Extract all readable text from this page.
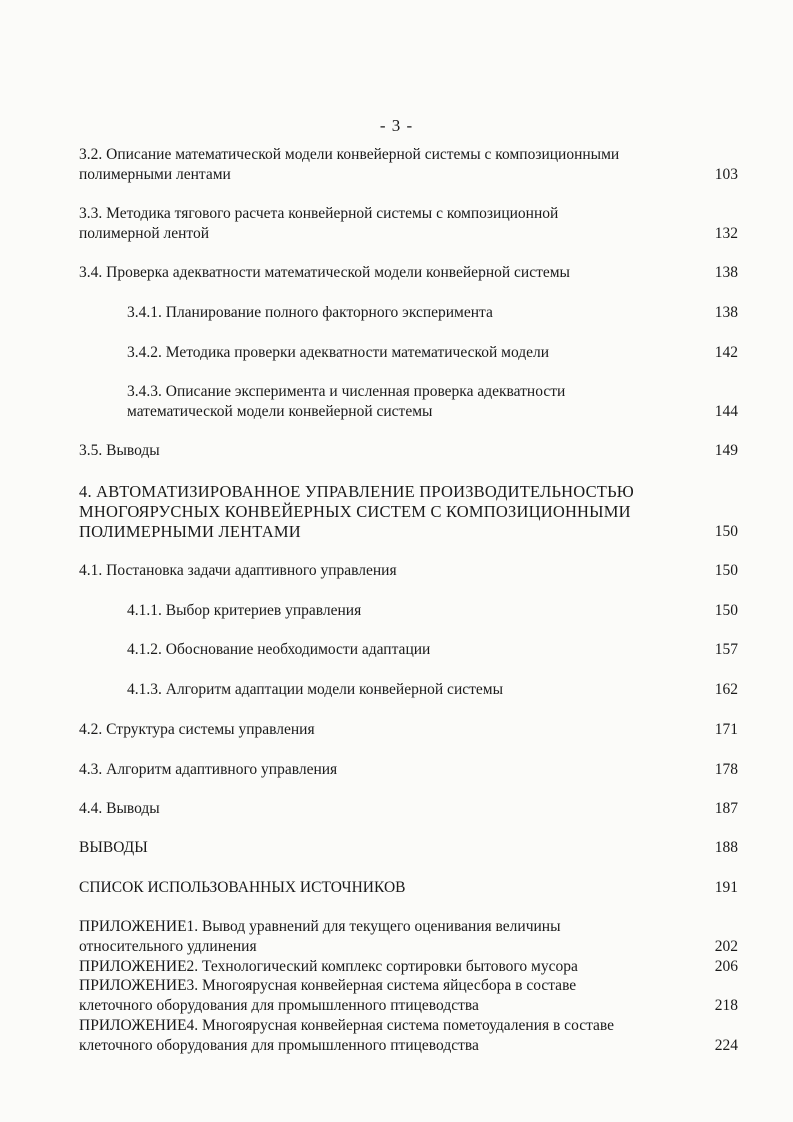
- 3 -
3.2. Описание математической модели конвейерной системы с композиционными полимерными лентами	103
3.3. Методика тягового расчета конвейерной системы с композиционной полимерной лентой	132
3.4. Проверка адекватности математической модели конвейерной системы	138
3.4.1. Планирование полного факторного эксперимента	138
3.4.2. Методика проверки адекватности математической модели	142
3.4.3. Описание эксперимента и численная проверка адекватности математической модели конвейерной системы	144
3.5. Выводы	149
4. АВТОМАТИЗИРОВАННОЕ УПРАВЛЕНИЕ ПРОИЗВОДИТЕЛЬНОСТЬЮ МНОГОЯРУСНЫХ КОНВЕЙЕРНЫХ СИСТЕМ С КОМПОЗИЦИОННЫМИ ПОЛИМЕРНЫМИ ЛЕНТАМИ	150
4.1. Постановка задачи адаптивного управления	150
4.1.1. Выбор критериев управления	150
4.1.2. Обоснование необходимости адаптации	157
4.1.3. Алгоритм адаптации модели конвейерной системы	162
4.2. Структура системы управления	171
4.3. Алгоритм адаптивного управления	178
4.4. Выводы	187
ВЫВОДЫ	188
СПИСОК ИСПОЛЬЗОВАННЫХ ИСТОЧНИКОВ	191
ПРИЛОЖЕНИЕ1. Вывод уравнений для текущего оценивания величины относительного удлинения	202
ПРИЛОЖЕНИЕ2. Технологический комплекс сортировки бытового мусора	206
ПРИЛОЖЕНИЕ3. Многоярусная конвейерная система яйцесбора в составе клеточного оборудования для промышленного птицеводства	218
ПРИЛОЖЕНИЕ4. Многоярусная конвейерная система пометоудаления в составе клеточного оборудования для промышленного птицеводства	224
